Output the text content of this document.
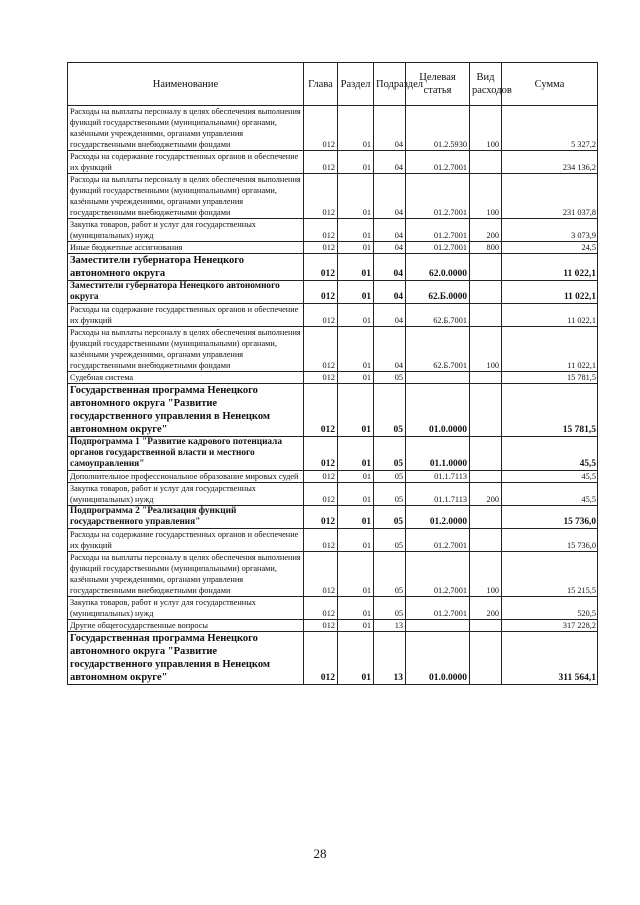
Наименование	Глава	Раздел	Подраздел	Целевая статья	Вид расходов	Сумма
Расходы на выплаты персоналу в целях обеспечения выполнения функций государственными (муниципальными) органами, казёнными учреждениями, органами управления государственными внебюджетными фондами	012	01	04	01.2.5930	100	5 327,2
Расходы на содержание государственных органов и обеспечение их функций	012	01	04	01.2.7001		234 136,2
Расходы на выплаты персоналу в целях обеспечения выполнения функций государственными (муниципальными) органами, казёнными учреждениями, органами управления государственными внебюджетными фондами	012	01	04	01.2.7001	100	231 037,8
Закупка товаров, работ и услуг для государственных (муниципальных) нужд	012	01	04	01.2.7001	200	3 073,9
Иные бюджетные ассигнования	012	01	04	01.2.7001	800	24,5
Заместители губернатора Ненецкого автономного округа	012	01	04	62.0.0000		11 022,1
Заместители губернатора Ненецкого автономного округа	012	01	04	62.Б.0000		11 022,1
Расходы на содержание государственных органов и обеспечение их функций	012	01	04	62.Б.7001		11 022,1
Расходы на выплаты персоналу в целях обеспечения выполнения функций государственными (муниципальными) органами, казёнными учреждениями, органами управления государственными внебюджетными фондами	012	01	04	62.Б.7001	100	11 022,1
Судебная система	012	01	05			15 781,5
Государственная программа Ненецкого автономного округа "Развитие государственного управления в Ненецком автономном округе"	012	01	05	01.0.0000		15 781,5
Подпрограмма 1 "Развитие кадрового потенциала органов государственной власти и местного самоуправления"	012	01	05	01.1.0000		45,5
Дополнительное профессиональное образование мировых судей	012	01	05	01.1.7113		45,5
Закупка товаров, работ и услуг для государственных (муниципальных) нужд	012	01	05	01.1.7113	200	45,5
Подпрограмма 2 "Реализация функций государственного управления"	012	01	05	01.2.0000		15 736,0
Расходы на содержание государственных органов и обеспечение их функций	012	01	05	01.2.7001		15 736,0
Расходы на выплаты персоналу в целях обеспечения выполнения функций государственными (муниципальными) органами, казёнными учреждениями, органами управления государственными внебюджетными фондами	012	01	05	01.2.7001	100	15 215,5
Закупка товаров, работ и услуг для государственных (муниципальных) нужд	012	01	05	01.2.7001	200	520,5
Другие общегосударственные вопросы	012	01	13			317 228,2
Государственная программа Ненецкого автономного округа "Развитие государственного управления в Ненецком автономном округе"	012	01	13	01.0.0000		311 564,1
28
